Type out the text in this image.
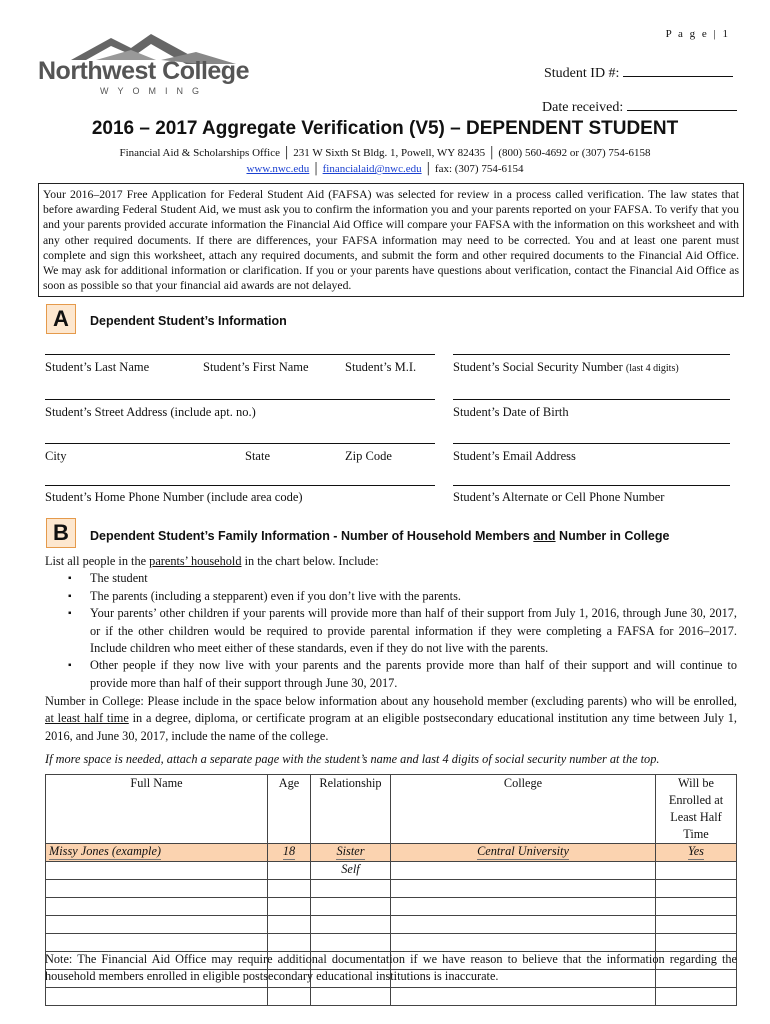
P a g e | 1
Northwest College
WYOMING
Student ID #:
Date received:
2016 – 2017 Aggregate Verification (V5) – DEPENDENT STUDENT
Financial Aid & Scholarships Office │ 231 W Sixth St Bldg. 1, Powell, WY 82435 │ (800) 560-4692 or (307) 754-6158
www.nwc.edu │ financialaid@nwc.edu │ fax: (307) 754-6154
Your 2016–2017 Free Application for Federal Student Aid (FAFSA) was selected for review in a process called verification. The law states that before awarding Federal Student Aid, we must ask you to confirm the information you and your parents reported on your FAFSA. To verify that you and your parents provided accurate information the Financial Aid Office will compare your FAFSA with the information on this worksheet and with any other required documents. If there are differences, your FAFSA information may need to be corrected. You and at least one parent must complete and sign this worksheet, attach any required documents, and submit the form and other required documents to the Financial Aid Office. We may ask for additional information or clarification. If you or your parents have questions about verification, contact the Financial Aid Office as soon as possible so that your financial aid awards are not delayed.
A	Dependent Student’s Information
Student’s Last Name	Student’s First Name	Student’s M.I.	Student’s Social Security Number (last 4 digits)
Student’s Street Address (include apt. no.)	Student’s Date of Birth
City	State	Zip Code	Student’s Email Address
Student’s Home Phone Number (include area code)	Student’s Alternate or Cell Phone Number
B	Dependent Student’s Family Information - Number of Household Members and Number in College

List all people in the parents’ household in the chart below. Include:

▪ The student
▪ The parents (including a stepparent) even if you don’t live with the parents.
▪ Your parents’ other children if your parents will provide more than half of their support from July 1, 2016, through June 30, 2017, or if the other children would be required to provide parental information if they were completing a FAFSA for 2016–2017. Include children who meet either of these standards, even if they do not live with the parents.
▪ Other people if they now live with your parents and the parents provide more than half of their support and will continue to provide more than half of their support through June 30, 2017.
Number in College: Please include in the space below information about any household member (excluding parents) who will be enrolled, at least half time in a degree, diploma, or certificate program at an eligible postsecondary educational institution any time between July 1, 2016, and June 30, 2017, include the name of the college.
If more space is needed, attach a separate page with the student’s name and last 4 digits of social security number at the top.
Full Name	Age	Relationship	College	Will be Enrolled at Least Half Time
Missy Jones (example)	18	Sister	Central University	Yes
		Self		

Note: The Financial Aid Office may require additional documentation if we have reason to believe that the information regarding the household members enrolled in eligible postsecondary educational institutions is inaccurate.
